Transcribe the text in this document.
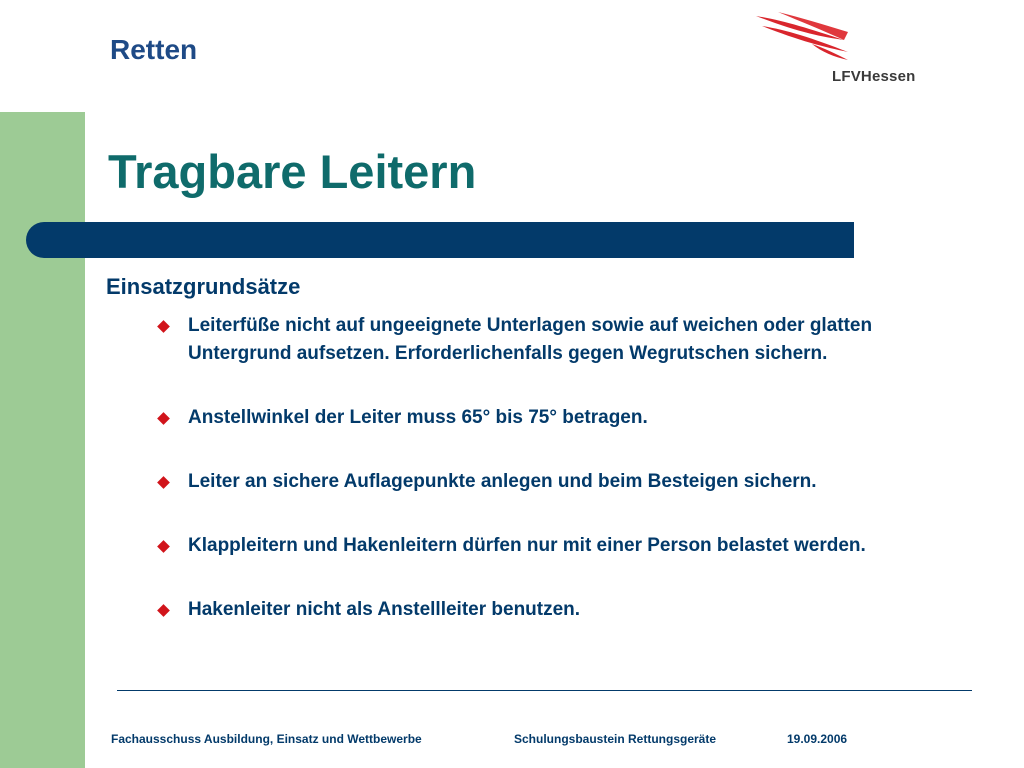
Retten
LFVHessen
Tragbare Leitern

Einsatzgrundsätze

Leiterfüße nicht auf ungeeignete Unterlagen sowie auf weichen oder glatten Untergrund aufsetzen. Erforderlichenfalls gegen Wegrutschen sichern.
Anstellwinkel der Leiter muss 65° bis 75° betragen.
Leiter an sichere Auflagepunkte anlegen und beim Besteigen sichern.
Klappleitern und Hakenleitern dürfen nur mit einer Person belastet werden.
Hakenleiter nicht als Anstellleiter benutzen.
Fachausschuss Ausbildung, Einsatz und Wettbewerbe	Schulungsbaustein Rettungsgeräte	19.09.2006
